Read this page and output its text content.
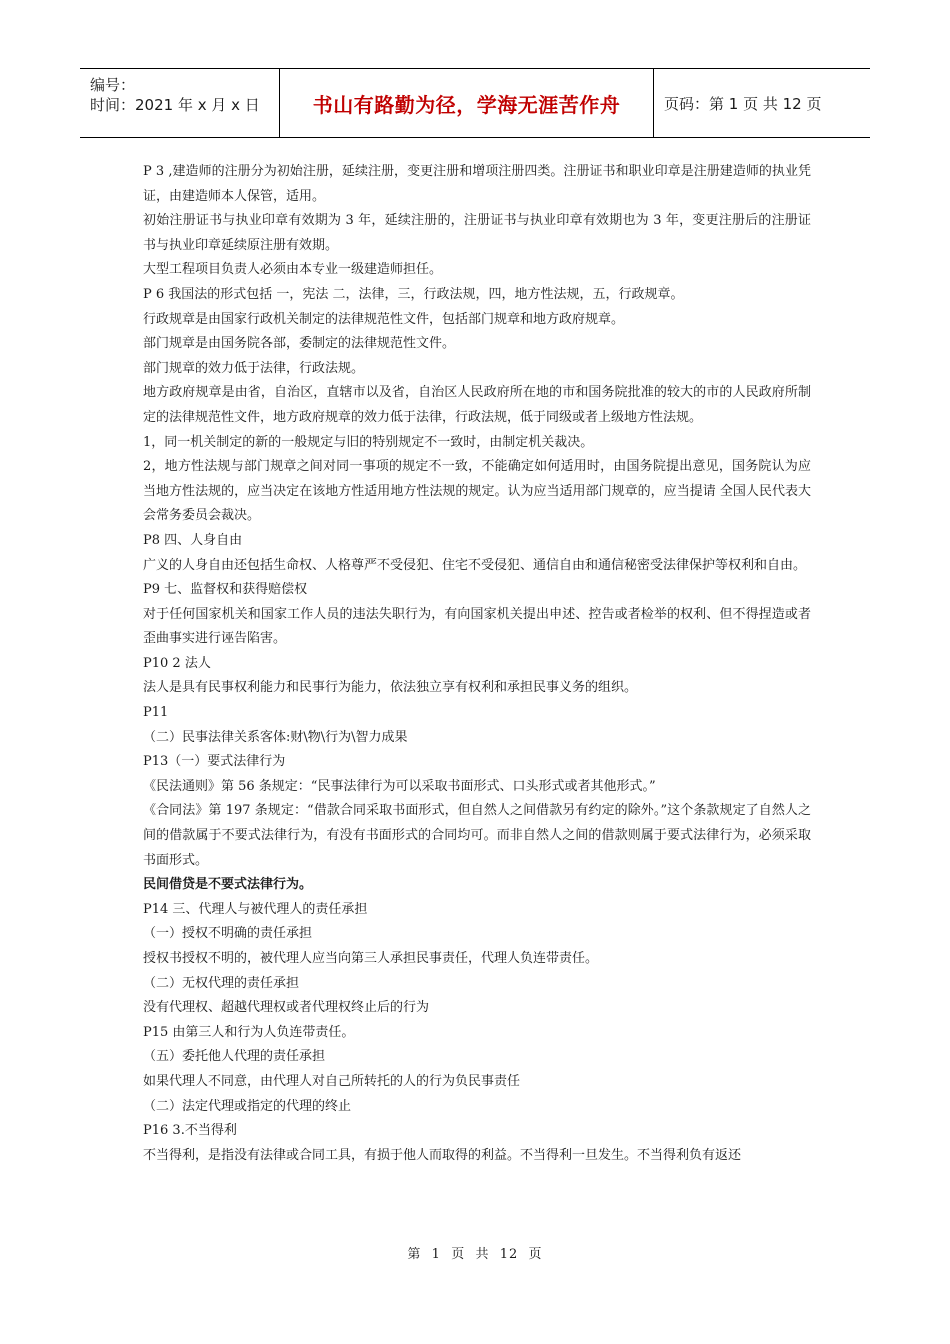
编号：
时间：2021 年 x 月 x 日	书山有路勤为径，学海无涯苦作舟	页码：第 1 页 共 12 页

P 3 ,建造师的注册分为初始注册，延续注册，变更注册和增项注册四类。注册证书和职业印章是注册建造师的执业凭证，由建造师本人保管，适用。

初始注册证书与执业印章有效期为 3 年，延续注册的，注册证书与执业印章有效期也为 3 年，变更注册后的注册证书与执业印章延续原注册有效期。

大型工程项目负责人必须由本专业一级建造师担任。

P 6 我国法的形式包括 一，宪法 二，法律，三，行政法规，四，地方性法规，五，行政规章。

行政规章是由国家行政机关制定的法律规范性文件，包括部门规章和地方政府规章。

部门规章是由国务院各部，委制定的法律规范性文件。

部门规章的效力低于法律，行政法规。

地方政府规章是由省，自治区，直辖市以及省，自治区人民政府所在地的市和国务院批准的较大的市的人民政府所制定的法律规范性文件，地方政府规章的效力低于法律，行政法规，低于同级或者上级地方性法规。

1，同一机关制定的新的一般规定与旧的特别规定不一致时，由制定机关裁决。

2，地方性法规与部门规章之间对同一事项的规定不一致，不能确定如何适用时，由国务院提出意见，国务院认为应当地方性法规的，应当决定在该地方性适用地方性法规的规定。认为应当适用部门规章的，应当提请 全国人民代表大会常务委员会裁决。

P8 四、人身自由

广义的人身自由还包括生命权、人格尊严不受侵犯、住宅不受侵犯、通信自由和通信秘密受法律保护等权利和自由。

P9 七、监督权和获得赔偿权

对于任何国家机关和国家工作人员的违法失职行为，有向国家机关提出申述、控告或者检举的权利、但不得捏造或者歪曲事实进行诬告陷害。

P10 2 法人

法人是具有民事权利能力和民事行为能力，依法独立享有权利和承担民事义务的组织。

P11

（二）民事法律关系客体:财\物\行为\智力成果

P13（一）要式法律行为

《民法通则》第 56 条规定：“民事法律行为可以采取书面形式、口头形式或者其他形式。”

《合同法》第 197 条规定：“借款合同采取书面形式，但自然人之间借款另有约定的除外。”这个条款规定了自然人之间的借款属于不要式法律行为，有没有书面形式的合同均可。而非自然人之间的借款则属于要式法律行为，必须采取书面形式。

民间借贷是不要式法律行为。

P14 三、代理人与被代理人的责任承担

（一）授权不明确的责任承担

授权书授权不明的，被代理人应当向第三人承担民事责任，代理人负连带责任。

（二）无权代理的责任承担

没有代理权、超越代理权或者代理权终止后的行为

P15 由第三人和行为人负连带责任。

（五）委托他人代理的责任承担

如果代理人不同意，由代理人对自己所转托的人的行为负民事责任

（二）法定代理或指定的代理的终止

P16 3.不当得利

不当得利，是指没有法律或合同工具，有损于他人而取得的利益。不当得利一旦发生。不当得利负有返还

第  1  页  共  12  页
